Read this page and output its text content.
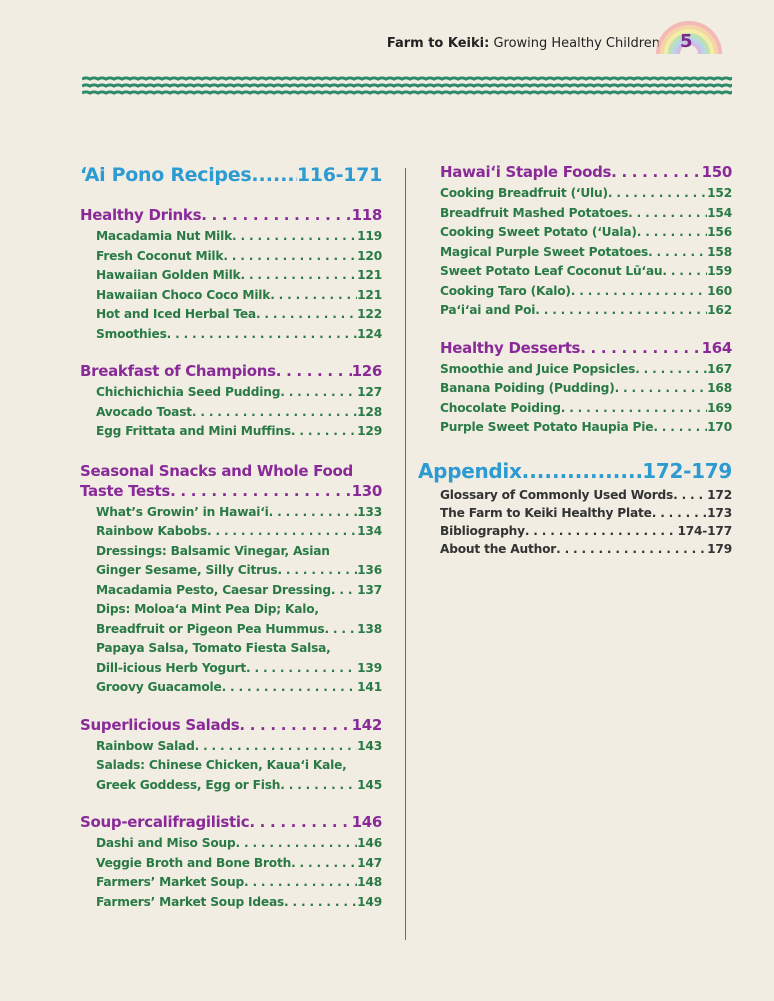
Farm to Keiki: Growing Healthy Children 5
ʻAi Pono Recipes ..... 116-171
Healthy Drinks . . .	118
Macadamia Nut Milk . . .	119
Fresh Coconut Milk . . .	120
Hawaiian Golden Milk . . .	121
Hawaiian Choco Coco Milk . . .	121
Hot and Iced Herbal Tea . . .	122
Smoothies . . .	124
Breakfast of Champions . . .	126
Chichichichia Seed Pudding . . .	127
Avocado Toast . . .	128
Egg Frittata and Mini Muffins . . .	129
Seasonal Snacks and Whole Food
Taste Tests . . .	130
What’s Growin’ in Hawaiʻi . . .	133
Rainbow Kabobs . . .	134
Dressings: Balsamic Vinegar, Asian
Ginger Sesame, Silly Citrus . . .	136
Macadamia Pesto, Caesar Dressing . . . 137
Dips: Moloaʻa Mint Pea Dip; Kalo,
Breadfruit or Pigeon Pea Hummus . . .	138
Papaya Salsa, Tomato Fiesta Salsa,
Dill-icious Herb Yogurt . . .	139
Groovy Guacamole . . .	141
Superlicious Salads . . .	142
Rainbow Salad . . .	143
Salads: Chinese Chicken, Kauaʻi Kale,
Greek Goddess, Egg or Fish . . .	145
Soup-ercalifragilistic . . .	146
Dashi and Miso Soup . . .	146
Veggie Broth and Bone Broth . . .	147
Farmers’ Market Soup . . .	148
Farmers’ Market Soup Ideas . . .	149
Hawaiʻi Staple Foods . . .	150
Cooking Breadfruit (ʻUlu) . . .	152
Breadfruit Mashed Potatoes . . .	154
Cooking Sweet Potato (ʻUala) . . .	156
Magical Purple Sweet Potatoes . . .	158
Sweet Potato Leaf Coconut Lūʻau . . .	159
Cooking Taro (Kalo) . . .	160
Paʻiʻai and Poi . . .	162
Healthy Desserts . . .	164
Smoothie and Juice Popsicles . . .	167
Banana Poiding (Pudding) . . .	168
Chocolate Poiding . . .	169
Purple Sweet Potato Haupia Pie . . .	170
Appendix .....	172-179
Glossary of Commonly Used Words . . .	172
The Farm to Keiki Healthy Plate . . .	173
Bibliography . . .	174-177
About the Author . . .	179
